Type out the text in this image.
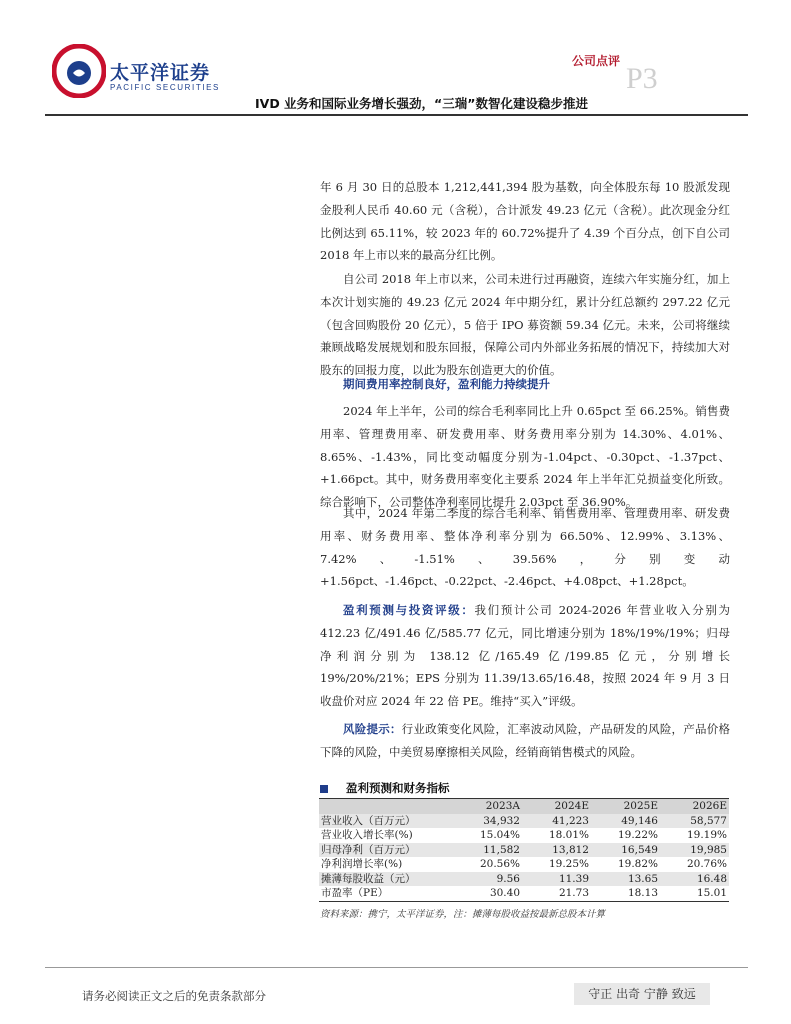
太平洋证券
PACIFIC SECURITIES
公司点评
P3
IVD 业务和国际业务增长强劲，“三瑞”数智化建设稳步推进
年 6 月 30 日的总股本 1,212,441,394 股为基数，向全体股东每 10 股派发现金股利人民币 40.60 元（含税），合计派发 49.23 亿元（含税）。此次现金分红比例达到 65.11%，较 2023 年的 60.72%提升了 4.39 个百分点，创下自公司 2018 年上市以来的最高分红比例。
自公司 2018 年上市以来，公司未进行过再融资，连续六年实施分红，加上本次计划实施的 49.23 亿元 2024 年中期分红，累计分红总额约 297.22 亿元（包含回购股份 20 亿元），5 倍于 IPO 募资额 59.34 亿元。未来，公司将继续兼顾战略发展规划和股东回报，保障公司内外部业务拓展的情况下，持续加大对股东的回报力度，以此为股东创造更大的价值。
期间费用率控制良好，盈利能力持续提升
2024 年上半年，公司的综合毛利率同比上升 0.65pct 至 66.25%。销售费用率、管理费用率、研发费用率、财务费用率分别为 14.30%、4.01%、8.65%、-1.43%，同比变动幅度分别为-1.04pct、-0.30pct、-1.37pct、+1.66pct。其中，财务费用率变化主要系 2024 年上半年汇兑损益变化所致。综合影响下，公司整体净利率同比提升 2.03pct 至 36.90%。
其中，2024 年第二季度的综合毛利率、销售费用率、管理费用率、研发费用率、财务费用率、整体净利率分别为 66.50%、12.99%、3.13%、7.42%、-1.51%、39.56%，分别变动+1.56pct、-1.46pct、-0.22pct、-2.46pct、+4.08pct、+1.28pct。
盈利预测与投资评级：我们预计公司 2024-2026 年营业收入分别为 412.23 亿/491.46 亿/585.77 亿元，同比增速分别为 18%/19%/19%；归母净利润分别为 138.12 亿/165.49 亿/199.85 亿元，分别增长 19%/20%/21%；EPS 分别为 11.39/13.65/16.48，按照 2024 年 9 月 3 日收盘价对应 2024 年 22 倍 PE。维持“买入”评级。
风险提示：行业政策变化风险，汇率波动风险，产品研发的风险，产品价格下降的风险，中美贸易摩擦相关风险，经销商销售模式的风险。
盈利预测和财务指标
	2023A	2024E	2025E	2026E
营业收入（百万元）	34,932	41,223	49,146	58,577
营业收入增长率(%)	15.04%	18.01%	19.22%	19.19%
归母净利（百万元）	11,582	13,812	16,549	19,985
净利润增长率(%)	20.56%	19.25%	19.82%	20.76%
摊薄每股收益（元）	9.56	11.39	13.65	16.48
市盈率（PE）	30.40	21.73	18.13	15.01
资料来源：携宁，太平洋证券，注：摊薄每股收益按最新总股本计算
请务必阅读正文之后的免责条款部分	守正 出奇 宁静 致远
